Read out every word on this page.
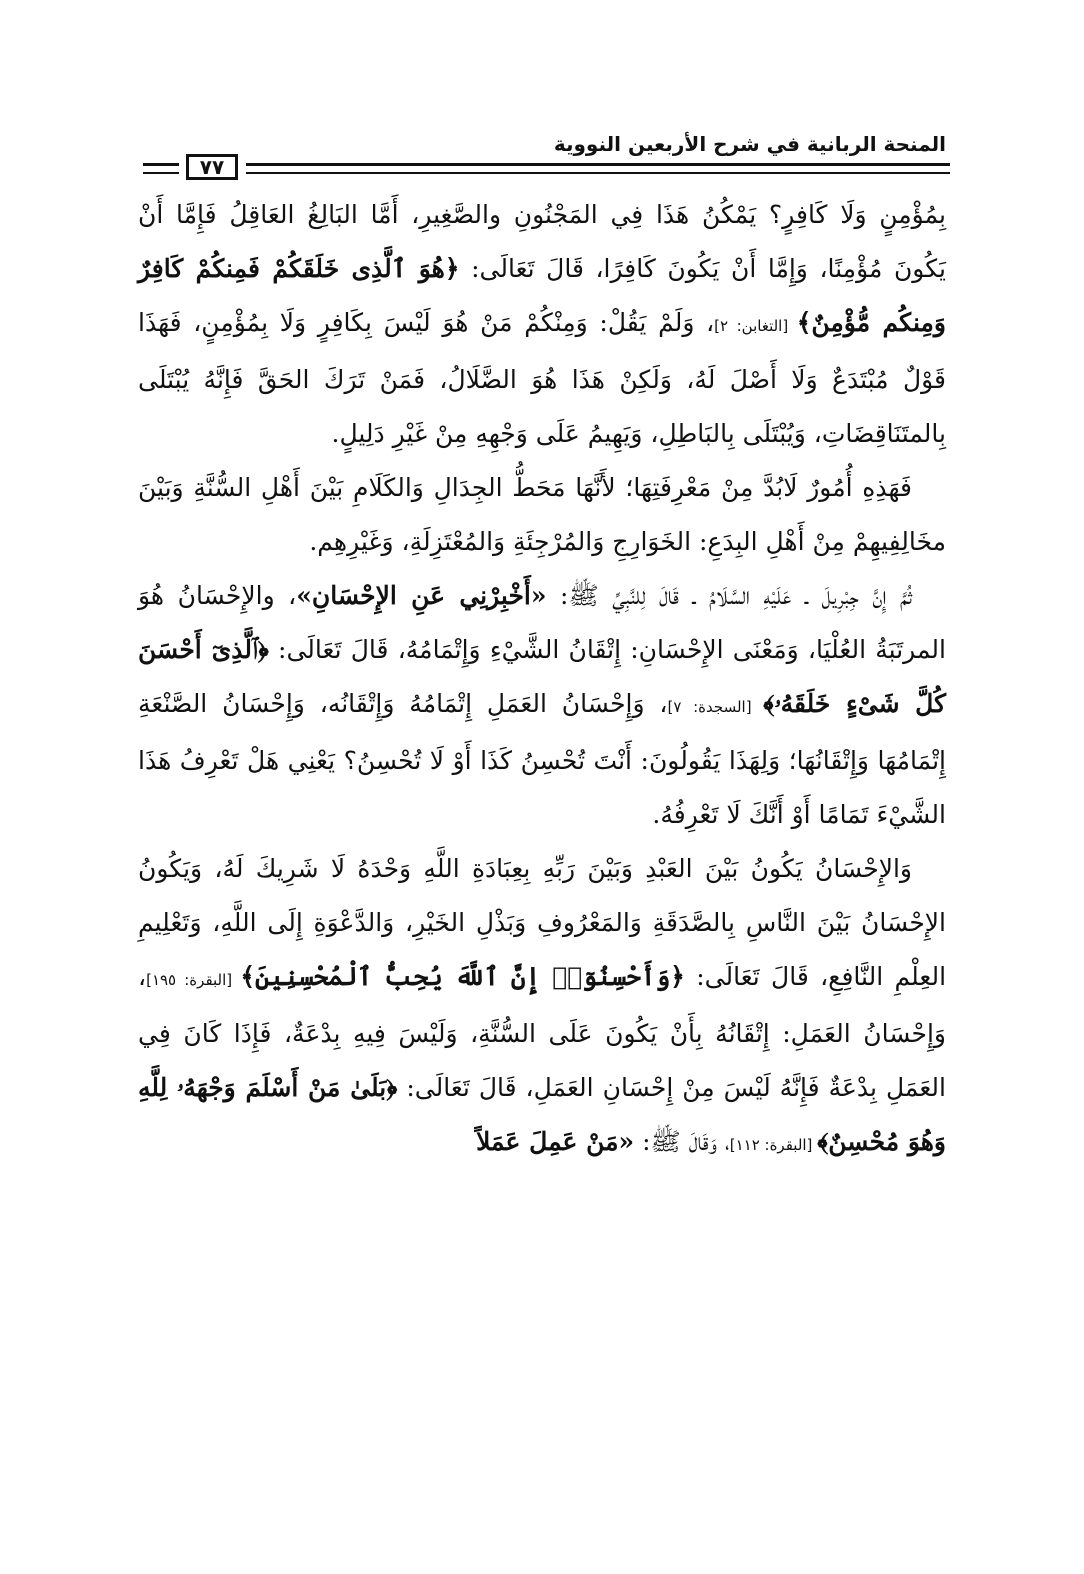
المنحة الربانية في شرح الأربعين النووية
٧٧

بِمُؤْمِنٍ وَلَا كَافِرٍ؟ يَمْكُنُ هَذَا فِي المَجْنُونِ والصَّغِيرِ، أَمَّا البَالِغُ العَاقِلُ فَإِمَّا أَنْ يَكُونَ مُؤْمِنًا، وَإِمَّا أَنْ يَكُونَ كَافِرًا، قَالَ تَعَالَى: ﴿هُوَ ٱلَّذِى خَلَقَكُمْ فَمِنكُمْ كَافِرٌ وَمِنكُم مُّؤْمِنٌ﴾ [التغابن: ٢]، وَلَمْ يَقُلْ: وَمِنْكُمْ مَنْ هُوَ لَيْسَ بِكَافِرٍ وَلَا بِمُؤْمِنٍ، فَهَذَا قَوْلٌ مُبْتَدَعٌ وَلَا أَصْلَ لَهُ، وَلَكِنْ هَذَا هُوَ الضَّلَالُ، فَمَنْ تَرَكَ الحَقَّ فَإِنَّهُ يُبْتَلَى بِالمتَنَاقِضَاتِ، وَيُبْتَلَى بِالبَاطِلِ، وَيَهِيمُ عَلَى وَجْهِهِ مِنْ غَيْرِ دَلِيلٍ.

فَهَذِهِ أُمُورٌ لَابُدَّ مِنْ مَعْرِفَتِهَا؛ لأَنَّهَا مَحَطُّ الجِدَالِ وَالكَلَامِ بَيْنَ أَهْلِ السُّنَّةِ وَبَيْنَ مخَالِفِيهِمْ مِنْ أَهْلِ البِدَعِ: الخَوَارِجِ وَالمُرْجِئَةِ وَالمُعْتَزِلَةِ، وَغَيْرِهِم.

ثُمَّ إِنَّ جِبْرِيلَ ـ عَلَيْهِ السَّلَامُ ـ قَالَ لِلنَّبِيِّ ﷺ: «أَخْبِرْنِي عَنِ الإِحْسَانِ»، والإِحْسَانُ هُوَ المرتَبَةُ العُلْيَا، وَمَعْنَى الإِحْسَانِ: إِتْقَانُ الشَّيْءِ وَإِتْمَامُهُ، قَالَ تَعَالَى: ﴿ٱلَّذِىٓ أَحْسَنَ كُلَّ شَىْءٍ خَلَقَهُۥ﴾ [السجدة: ٧]، وَإِحْسَانُ العَمَلِ إِتْمَامُهُ وَإِتْقَانُه، وَإِحْسَانُ الصَّنْعَةِ إِتْمَامُهَا وَإِتْقَانُهَا؛ وَلِهَذَا يَقُولُونَ: أَنْتَ تُحْسِنُ كَذَا أَوْ لَا تُحْسِنُ؟ يَعْنِي هَلْ تَعْرِفُ هَذَا الشَّيْءَ تَمَامًا أَوْ أَنَّكَ لَا تَعْرِفُهُ.

وَالإِحْسَانُ يَكُونُ بَيْنَ العَبْدِ وَبَيْنَ رَبِّهِ بِعِبَادَةِ اللَّهِ وَحْدَهُ لَا شَرِيكَ لَهُ، وَيَكُونُ الإِحْسَانُ بَيْنَ النَّاسِ بِالصَّدَقَةِ وَالمَعْرُوفِ وَبَذْلِ الخَيْرِ، وَالدَّعْوَةِ إِلَى اللَّهِ، وَتَعْلِيمِ العِلْمِ النَّافِعِ، قَالَ تَعَالَى: ﴿وَأَحْسِنُوٓا۟ إِنَّ ٱللَّهَ يُحِبُّ ٱلْمُحْسِنِينَ﴾ [البقرة: ١٩٥]، وَإِحْسَانُ العَمَلِ: إِتْقَانُهُ بِأَنْ يَكُونَ عَلَى السُّنَّةِ، وَلَيْسَ فِيهِ بِدْعَةٌ، فَإِذَا كَانَ فِي العَمَلِ بِدْعَةٌ فَإِنَّهُ لَيْسَ مِنْ إِحْسَانِ العَمَلِ، قَالَ تَعَالَى: ﴿بَلَىٰ مَنْ أَسْلَمَ وَجْهَهُۥ لِلَّهِ وَهُوَ مُحْسِنٌ﴾ [البقرة: ١١٢]، وَقَالَ ﷺ: «مَنْ عَمِلَ عَمَلاً
